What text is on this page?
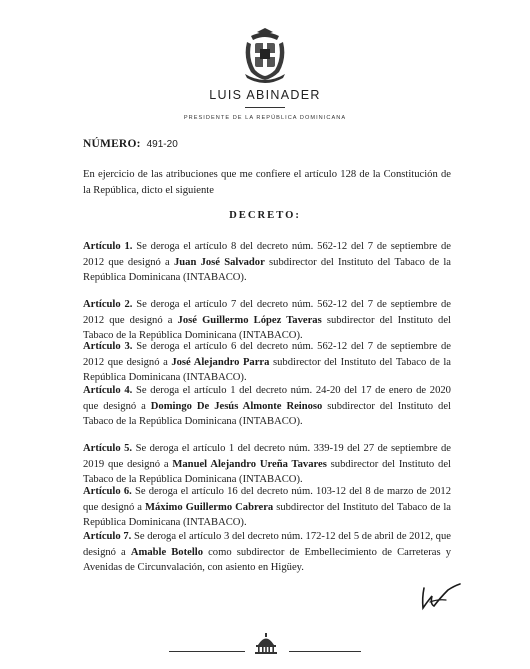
LUIS ABINADER
PRESIDENTE DE LA REPÚBLICA DOMINICANA
NÚMERO: 491-20

En ejercicio de las atribuciones que me confiere el artículo 128 de la Constitución de la República, dicto el siguiente

DECRETO:

Artículo 1. Se deroga el artículo 8 del decreto núm. 562-12 del 7 de septiembre de 2012 que designó a Juan José Salvador subdirector del Instituto del Tabaco de la República Dominicana (INTABACO).

Artículo 2. Se deroga el artículo 7 del decreto núm. 562-12 del 7 de septiembre de 2012 que designó a José Guillermo López Taveras subdirector del Instituto del Tabaco de la República Dominicana (INTABACO).

Artículo 3. Se deroga el artículo 6 del decreto núm. 562-12 del 7 de septiembre de 2012 que designó a José Alejandro Parra subdirector del Instituto del Tabaco de la República Dominicana (INTABACO).

Artículo 4. Se deroga el artículo 1 del decreto núm. 24-20 del 17 de enero de 2020 que designó a Domingo De Jesús Almonte Reinoso subdirector del Instituto del Tabaco de la República Dominicana (INTABACO).

Artículo 5. Se deroga el artículo 1 del decreto núm. 339-19 del 27 de septiembre de 2019 que designó a Manuel Alejandro Ureña Tavares subdirector del Instituto del Tabaco de la República Dominicana (INTABACO).

Artículo 6. Se deroga el artículo 16 del decreto núm. 103-12 del 8 de marzo de 2012 que designó a Máximo Guillermo Cabrera subdirector del Instituto del Tabaco de la República Dominicana (INTABACO).

Artículo 7. Se deroga el artículo 3 del decreto núm. 172-12 del 5 de abril de 2012, que designó a Amable Botello como subdirector de Embellecimiento de Carreteras y Avenidas de Circunvalación, con asiento en Higüey.
